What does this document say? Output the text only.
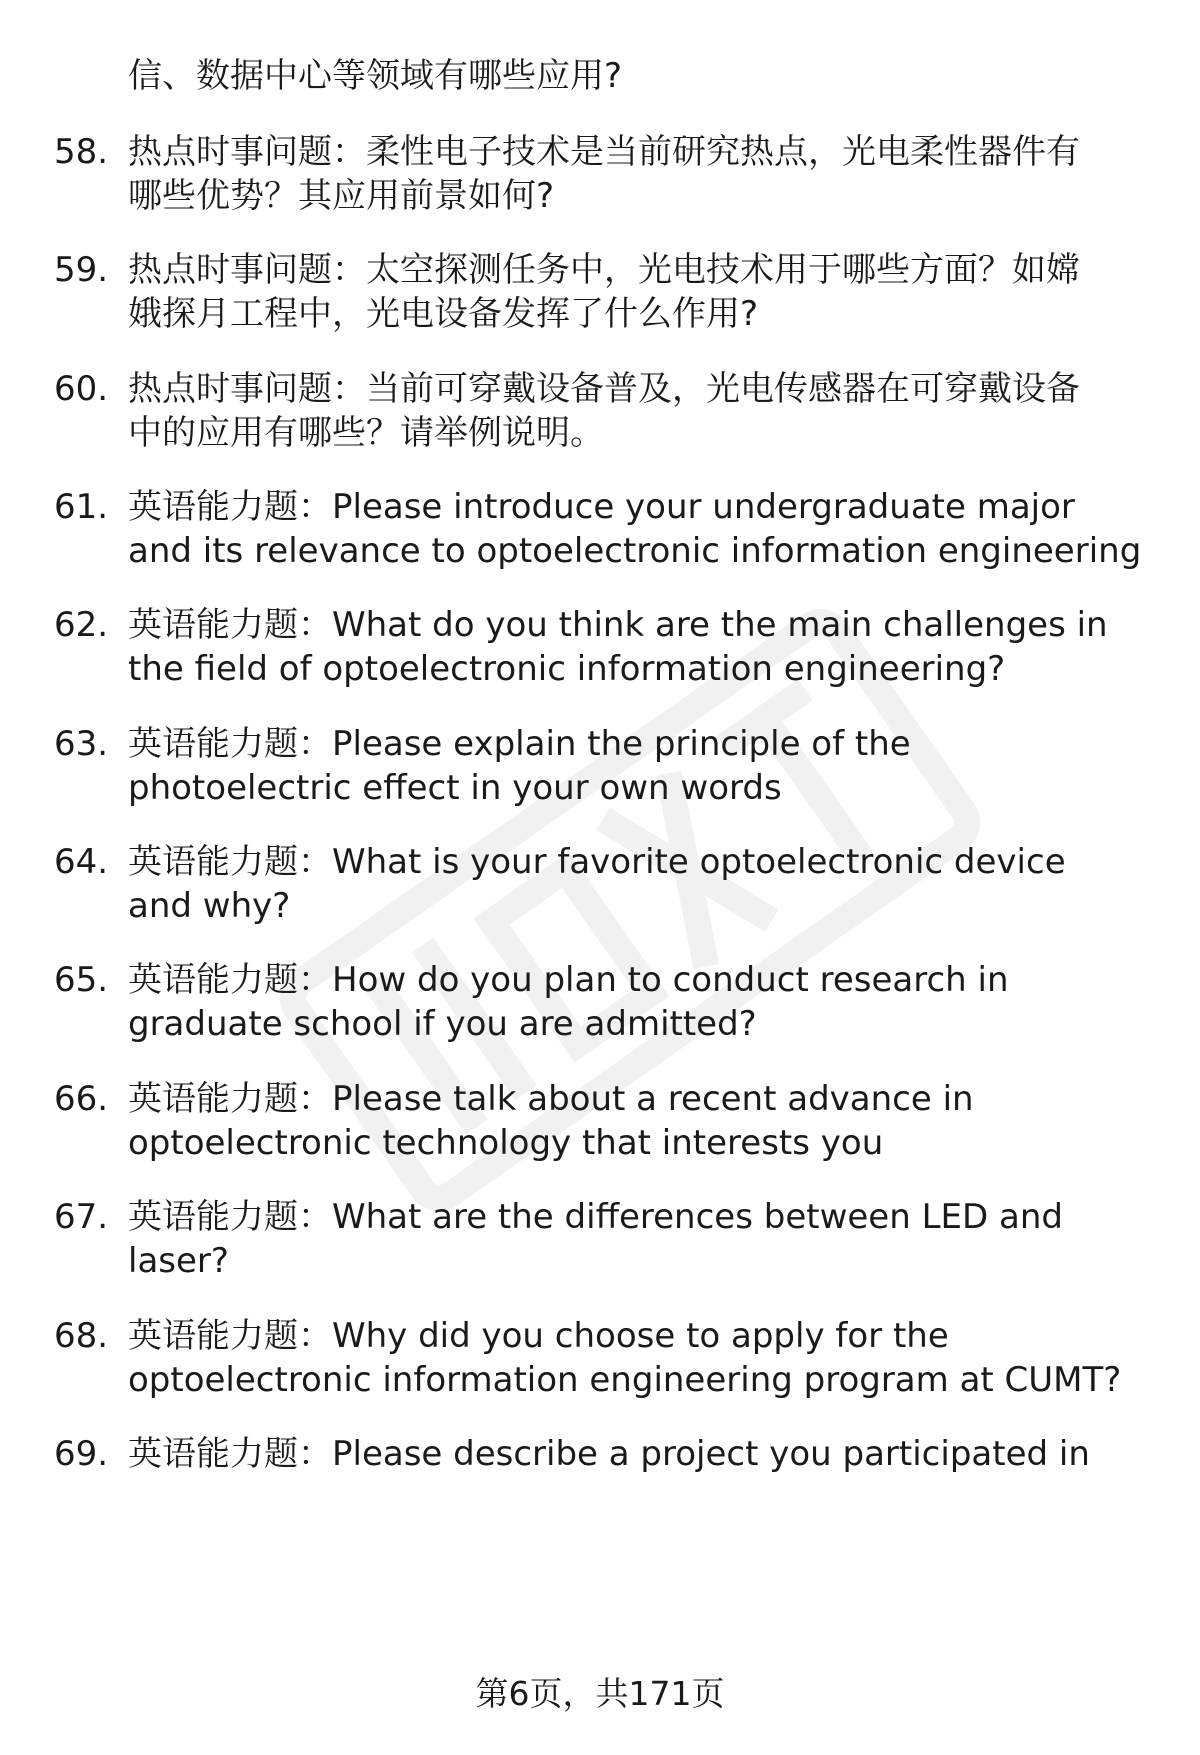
信、数据中心等领域有哪些应用?
58. 热点时事问题：柔性电子技术是当前研究热点，光电柔性器件有
哪些优势？其应用前景如何?
59. 热点时事问题：太空探测任务中，光电技术用于哪些方面？如嫦
娥探月工程中，光电设备发挥了什么作用?
60. 热点时事问题：当前可穿戴设备普及，光电传感器在可穿戴设备
中的应用有哪些？请举例说明。
61. 英语能力题：Please introduce your undergraduate major
and its relevance to optoelectronic information engineering
62. 英语能力题：What do you think are the main challenges in
the field of optoelectronic information engineering?
63. 英语能力题：Please explain the principle of the
photoelectric effect in your own words
64. 英语能力题：What is your favorite optoelectronic device
and why?
65. 英语能力题：How do you plan to conduct research in
graduate school if you are admitted?
66. 英语能力题：Please talk about a recent advance in
optoelectronic technology that interests you
67. 英语能力题：What are the differences between LED and
laser?
68. 英语能力题：Why did you choose to apply for the
optoelectronic information engineering program at CUMT?
69. 英语能力题：Please describe a project you participated in
第6页，共171页
